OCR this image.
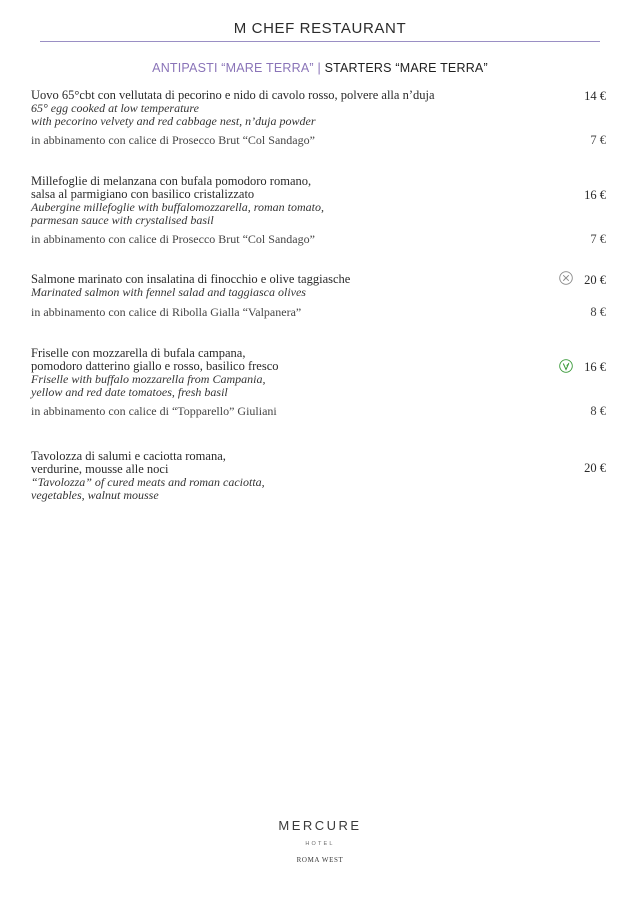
M CHEF RESTAURANT
ANTIPASTI “MARE TERRA” | STARTERS “MARE TERRA”
Uovo 65°cbt con vellutata di pecorino e nido di cavolo rosso, polvere alla n’duja
65° egg cooked at low temperature
with pecorino velvety and red cabbage nest, n’duja powder
14 €
in abbinamento con calice di Prosecco Brut “Col Sandago”	7 €
Millefoglie di melanzana con bufala pomodoro romano,
salsa al parmigiano con basilico cristalizzato
Aubergine millefoglie with buffalomozzarella, roman tomato,
parmesan sauce with crystalised basil
16 €
in abbinamento con calice di Prosecco Brut “Col Sandago”	7 €
Salmone marinato con insalatina di finocchio e olive taggiasche
Marinated salmon with fennel salad and taggiasca olives
20 €
in abbinamento con calice di Ribolla Gialla “Valpanera”	8 €
Friselle con mozzarella di bufala campana,
pomodoro datterino giallo e rosso, basilico fresco
Friselle with buffalo mozzarella from Campania,
yellow and red date tomatoes, fresh basil
16 €
in abbinamento con calice di “Topparello” Giuliani	8 €
Tavolozza di salumi e caciotta romana,
verdurine, mousse alle noci
“Tavolozza” of cured meats and roman caciotta,
vegetables, walnut mousse
20 €
MERCURE
HOTEL
ROMA WEST
